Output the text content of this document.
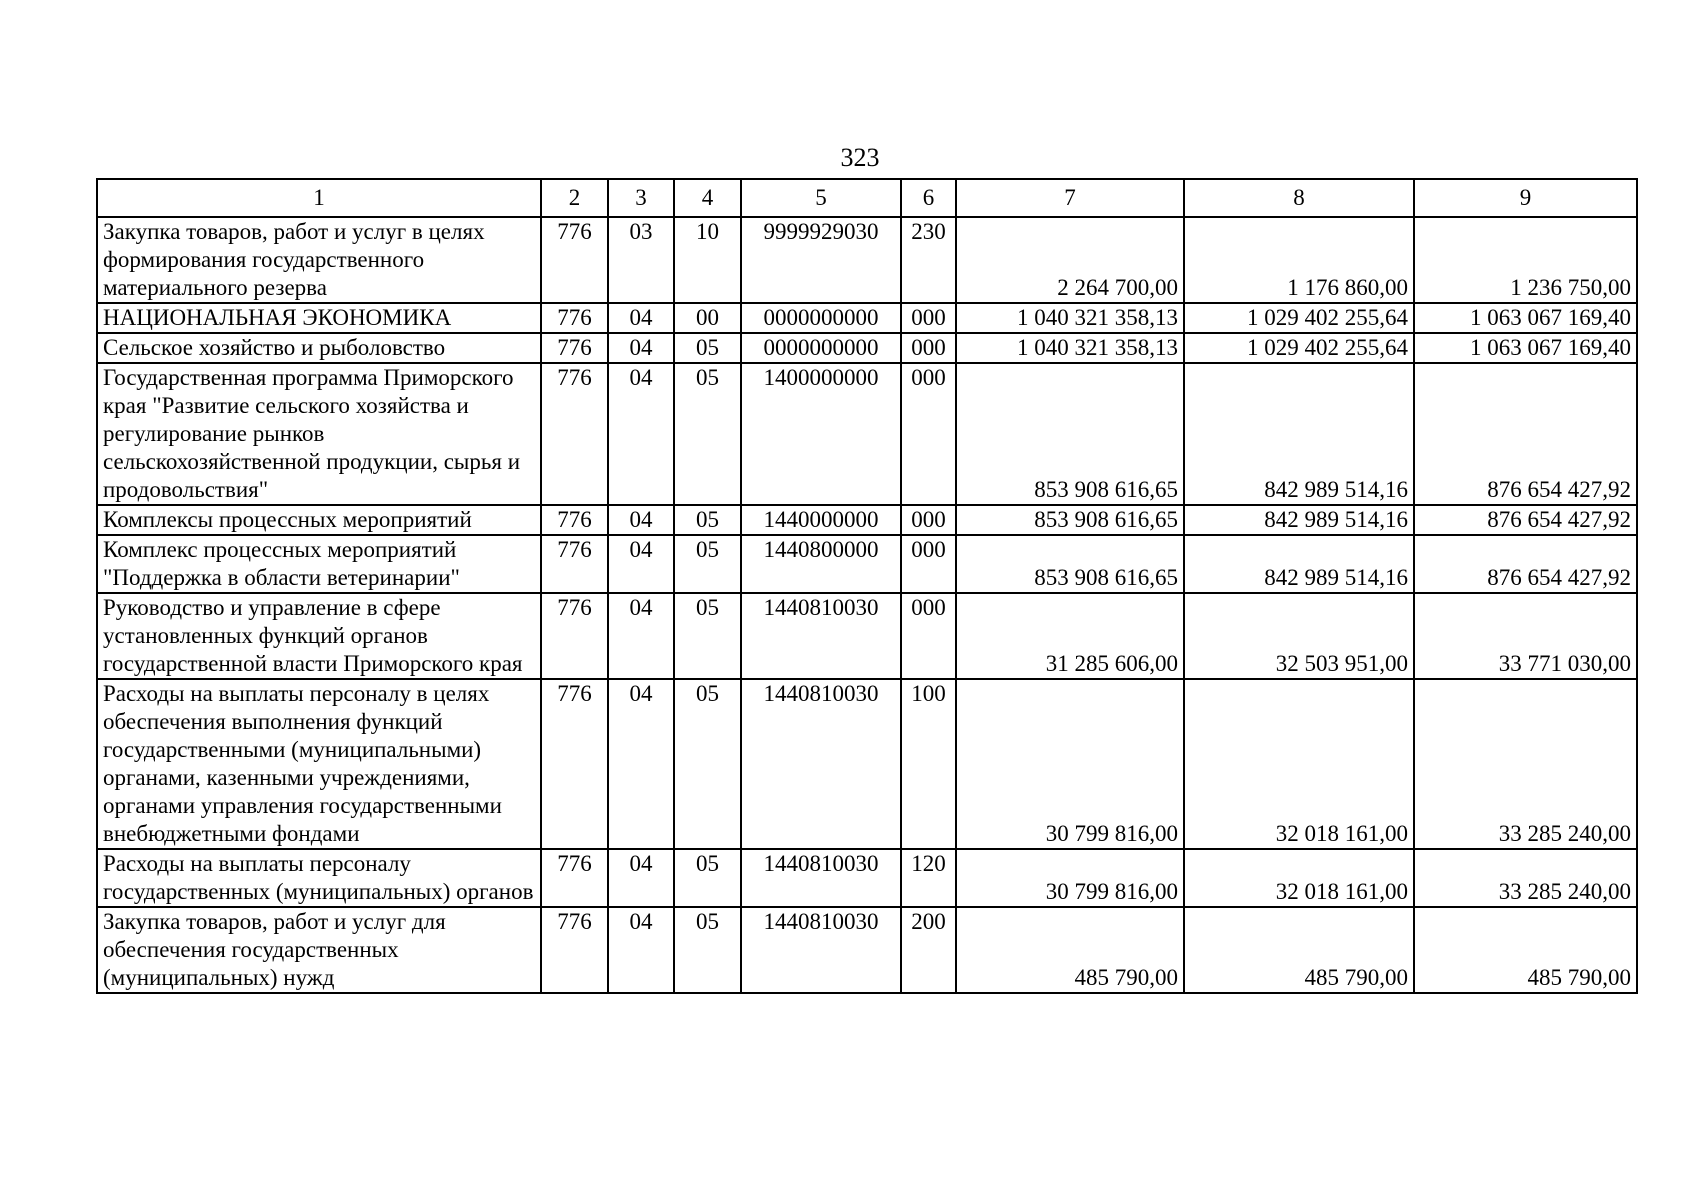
323
1	2	3	4	5	6	7	8	9
Закупка товаров, работ и услуг в целях формирования государственного материального резерва	776	03	10	9999929030	230	2 264 700,00	1 176 860,00	1 236 750,00
НАЦИОНАЛЬНАЯ ЭКОНОМИКА	776	04	00	0000000000	000	1 040 321 358,13	1 029 402 255,64	1 063 067 169,40
Сельское хозяйство и рыболовство	776	04	05	0000000000	000	1 040 321 358,13	1 029 402 255,64	1 063 067 169,40
Государственная программа Приморского края "Развитие сельского хозяйства и регулирование рынков сельскохозяйственной продукции, сырья и продовольствия"	776	04	05	1400000000	000	853 908 616,65	842 989 514,16	876 654 427,92
Комплексы процессных мероприятий	776	04	05	1440000000	000	853 908 616,65	842 989 514,16	876 654 427,92
Комплекс процессных мероприятий "Поддержка в области ветеринарии"	776	04	05	1440800000	000	853 908 616,65	842 989 514,16	876 654 427,92
Руководство и управление в сфере установленных функций органов государственной власти Приморского края	776	04	05	1440810030	000	31 285 606,00	32 503 951,00	33 771 030,00
Расходы на выплаты персоналу в целях обеспечения выполнения функций государственными (муниципальными) органами, казенными учреждениями, органами управления государственными внебюджетными фондами	776	04	05	1440810030	100	30 799 816,00	32 018 161,00	33 285 240,00
Расходы на выплаты персоналу государственных (муниципальных) органов	776	04	05	1440810030	120	30 799 816,00	32 018 161,00	33 285 240,00
Закупка товаров, работ и услуг для обеспечения государственных (муниципальных) нужд	776	04	05	1440810030	200	485 790,00	485 790,00	485 790,00
